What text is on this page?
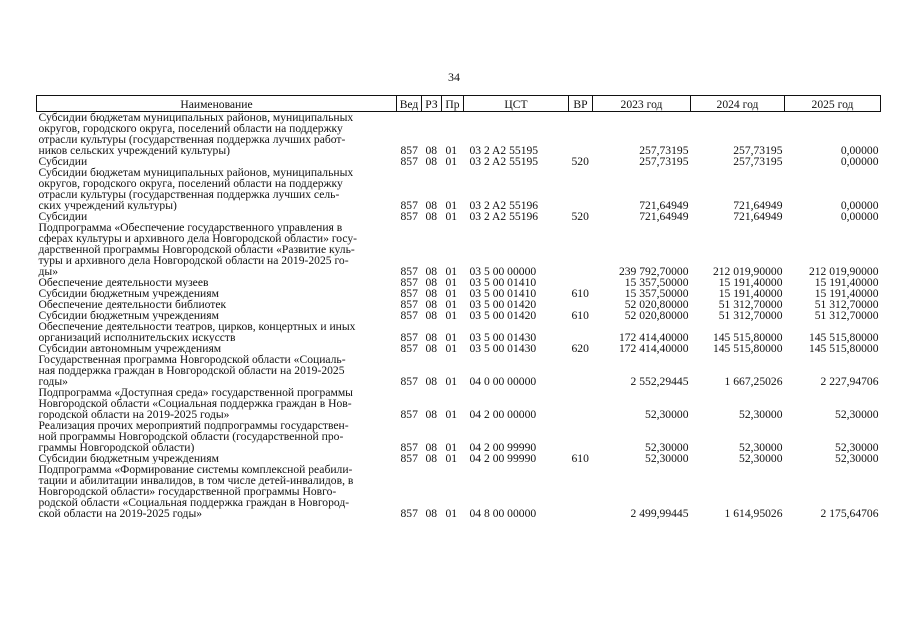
34
Наименование	Вед	РЗ	Пр	ЦСТ	ВР	2023 год	2024 год	2025 год
Субсидии бюджетам муниципальных районов, муниципальных
округов, городского округа, поселений области на поддержку
отрасли культуры (государственная поддержка лучших работ-
ников сельских учреждений культуры)	857	08	01	03 2 A2 55195		257,73195	257,73195	0,00000
Субсидии	857	08	01	03 2 A2 55195	520	257,73195	257,73195	0,00000
Субсидии бюджетам муниципальных районов, муниципальных
округов, городского округа, поселений области на поддержку
отрасли культуры (государственная поддержка лучших сель-
ских учреждений культуры)	857	08	01	03 2 A2 55196		721,64949	721,64949	0,00000
Субсидии	857	08	01	03 2 A2 55196	520	721,64949	721,64949	0,00000
Подпрограмма «Обеспечение государственного управления в
сферах культуры и архивного дела Новгородской области» госу-
дарственной программы Новгородской области «Развитие куль-
туры и архивного дела Новгородской области на 2019-2025 го-
ды»	857	08	01	03 5 00 00000		239 792,70000	212 019,90000	212 019,90000
Обеспечение деятельности музеев	857	08	01	03 5 00 01410		15 357,50000	15 191,40000	15 191,40000
Субсидии бюджетным учреждениям	857	08	01	03 5 00 01410	610	15 357,50000	15 191,40000	15 191,40000
Обеспечение деятельности библиотек	857	08	01	03 5 00 01420		52 020,80000	51 312,70000	51 312,70000
Субсидии бюджетным учреждениям	857	08	01	03 5 00 01420	610	52 020,80000	51 312,70000	51 312,70000
Обеспечение деятельности театров, цирков, концертных и иных
организаций исполнительских искусств	857	08	01	03 5 00 01430		172 414,40000	145 515,80000	145 515,80000
Субсидии автономным учреждениям	857	08	01	03 5 00 01430	620	172 414,40000	145 515,80000	145 515,80000
Государственная программа Новгородской области «Социаль-
ная поддержка граждан в Новгородской области на 2019-2025
годы»	857	08	01	04 0 00 00000		2 552,29445	1 667,25026	2 227,94706
Подпрограмма «Доступная среда» государственной программы
Новгородской области «Социальная поддержка граждан в Нов-
городской области на 2019-2025 годы»	857	08	01	04 2 00 00000		52,30000	52,30000	52,30000
Реализация прочих мероприятий подпрограммы государствен-
ной программы Новгородской области (государственной про-
граммы Новгородской области)	857	08	01	04 2 00 99990		52,30000	52,30000	52,30000
Субсидии бюджетным учреждениям	857	08	01	04 2 00 99990	610	52,30000	52,30000	52,30000
Подпрограмма «Формирование системы комплексной реабили-
тации и абилитации инвалидов, в том числе детей-инвалидов, в
Новгородской области» государственной программы Новго-
родской области «Социальная поддержка граждан в Новгород-
ской области на 2019-2025 годы»	857	08	01	04 8 00 00000		2 499,99445	1 614,95026	2 175,64706
